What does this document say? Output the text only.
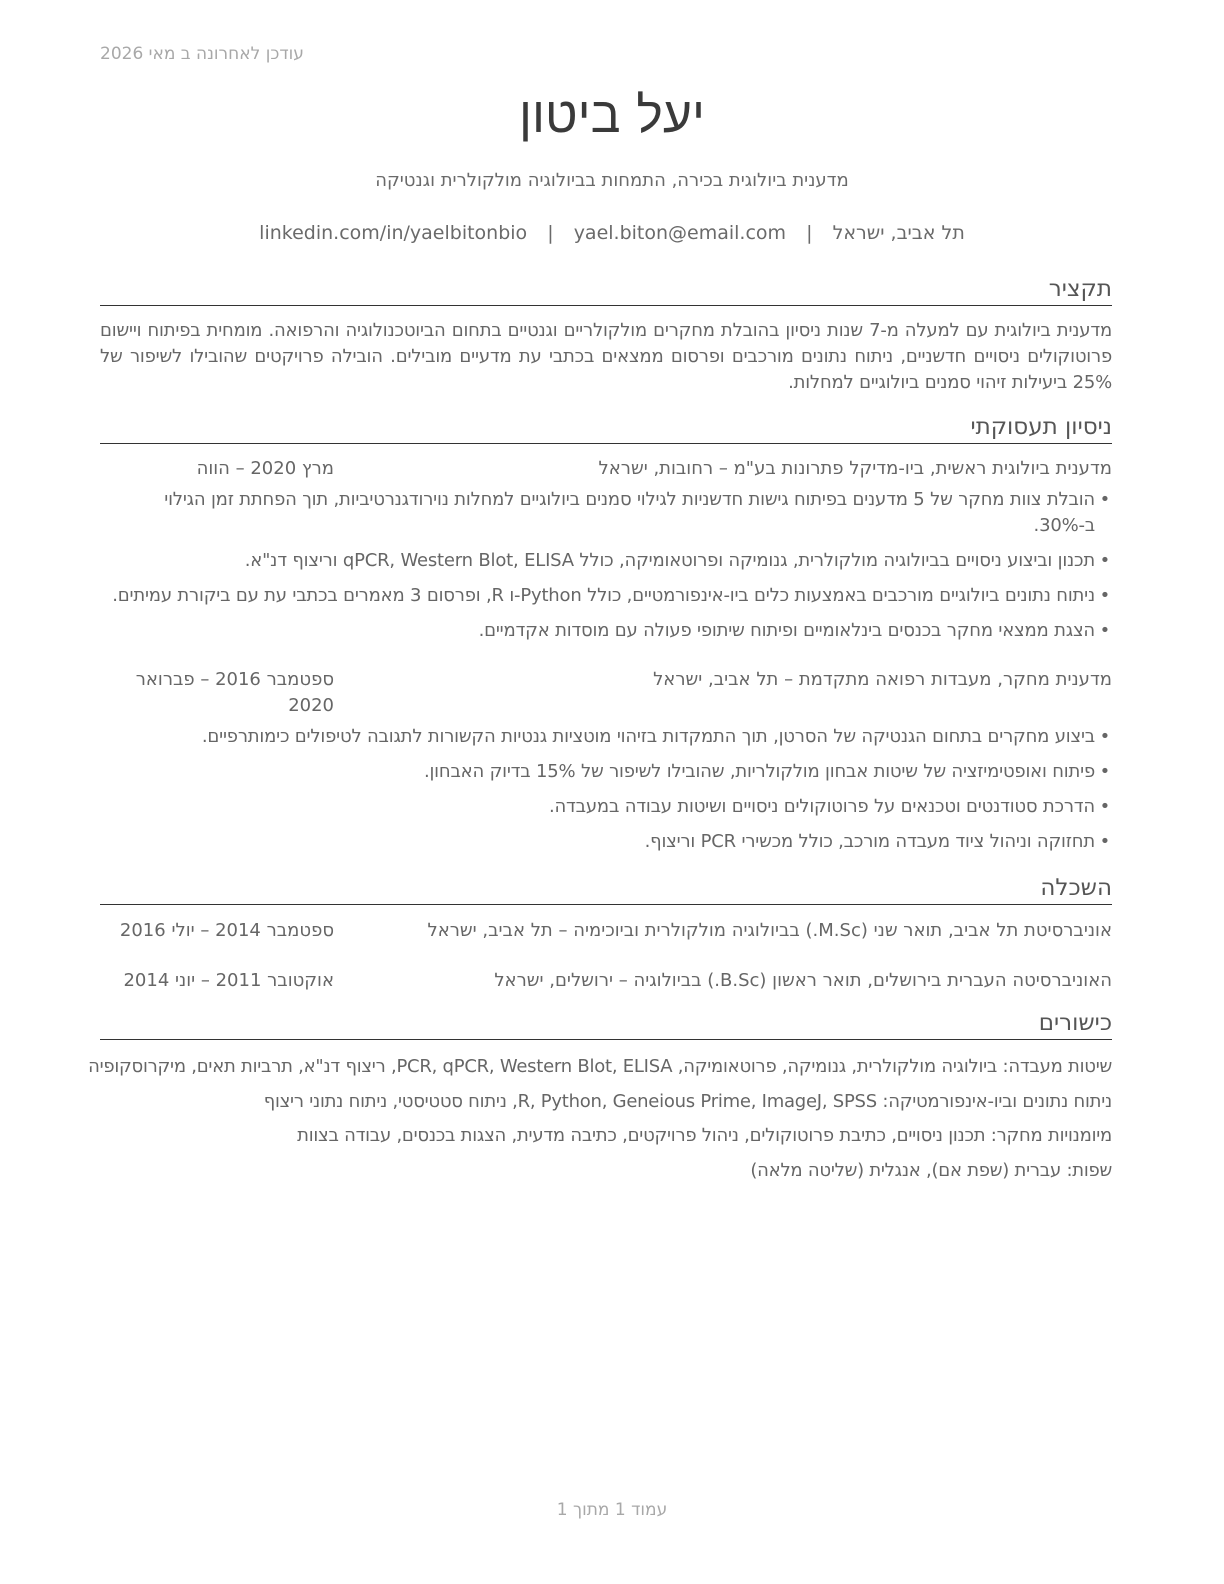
עודכן לאחרונה ב מאי 2026
יעל ביטון
מדענית ביולוגית בכירה, התמחות בביולוגיה מולקולרית וגנטיקה
תל אביב, ישראל | yael.biton@email.com | linkedin.com/in/yaelbitonbio
תקציר
מדענית ביולוגית עם למעלה מ-7 שנות ניסיון בהובלת מחקרים מולקולריים וגנטיים בתחום הביוטכנולוגיה והרפואה. מומחית בפיתוח ויישום פרוטוקולים ניסויים חדשניים, ניתוח נתונים מורכבים ופרסום ממצאים בכתבי עת מדעיים מובילים. הובילה פרויקטים שהובילו לשיפור של 25% ביעילות זיהוי סמנים ביולוגיים למחלות.
ניסיון תעסוקתי
מדענית ביולוגית ראשית, ביו-מדיקל פתרונות בע"מ – רחובות, ישראל
מרץ 2020 – הווה
•
הובלת צוות מחקר של 5 מדענים בפיתוח גישות חדשניות לגילוי סמנים ביולוגיים למחלות נוירודגנרטיביות, תוך הפחתת זמן הגילוי ב-30%.
•
תכנון וביצוע ניסויים בביולוגיה מולקולרית, גנומיקה ופרוטאומיקה, כולל qPCR, Western Blot, ELISA וריצוף דנ"א.
•
ניתוח נתונים ביולוגיים מורכבים באמצעות כלים ביו-אינפורמטיים, כולל Python-ו R, ופרסום 3 מאמרים בכתבי עת עם ביקורת עמיתים.
•
הצגת ממצאי מחקר בכנסים בינלאומיים ופיתוח שיתופי פעולה עם מוסדות אקדמיים.
מדענית מחקר, מעבדות רפואה מתקדמת – תל אביב, ישראל
ספטמבר 2016 – פברואר 2020
•
ביצוע מחקרים בתחום הגנטיקה של הסרטן, תוך התמקדות בזיהוי מוטציות גנטיות הקשורות לתגובה לטיפולים כימותרפיים.
•
פיתוח ואופטימיזציה של שיטות אבחון מולקולריות, שהובילו לשיפור של 15% בדיוק האבחון.
•
הדרכת סטודנטים וטכנאים על פרוטוקולים ניסויים ושיטות עבודה במעבדה.
•
תחזוקה וניהול ציוד מעבדה מורכב, כולל מכשירי PCR וריצוף.
השכלה
אוניברסיטת תל אביב, תואר שני (M.Sc.) בביולוגיה מולקולרית וביוכימיה – תל אביב, ישראל
ספטמבר 2014 – יולי 2016
האוניברסיטה העברית בירושלים, תואר ראשון (B.Sc.) בביולוגיה – ירושלים, ישראל
אוקטובר 2011 – יוני 2014
כישורים
שיטות מעבדה: ביולוגיה מולקולרית, גנומיקה, פרוטאומיקה, PCR, qPCR, Western Blot, ELISA, ריצוף דנ"א, תרביות תאים, מיקרוסקופיה
ניתוח נתונים וביו-אינפורמטיקה: R, Python, Geneious Prime, ImageJ, SPSS, ניתוח סטטיסטי, ניתוח נתוני ריצוף
מיומנויות מחקר: תכנון ניסויים, כתיבת פרוטוקולים, ניהול פרויקטים, כתיבה מדעית, הצגות בכנסים, עבודה בצוות
שפות: עברית (שפת אם), אנגלית (שליטה מלאה)
עמוד 1 מתוך 1
